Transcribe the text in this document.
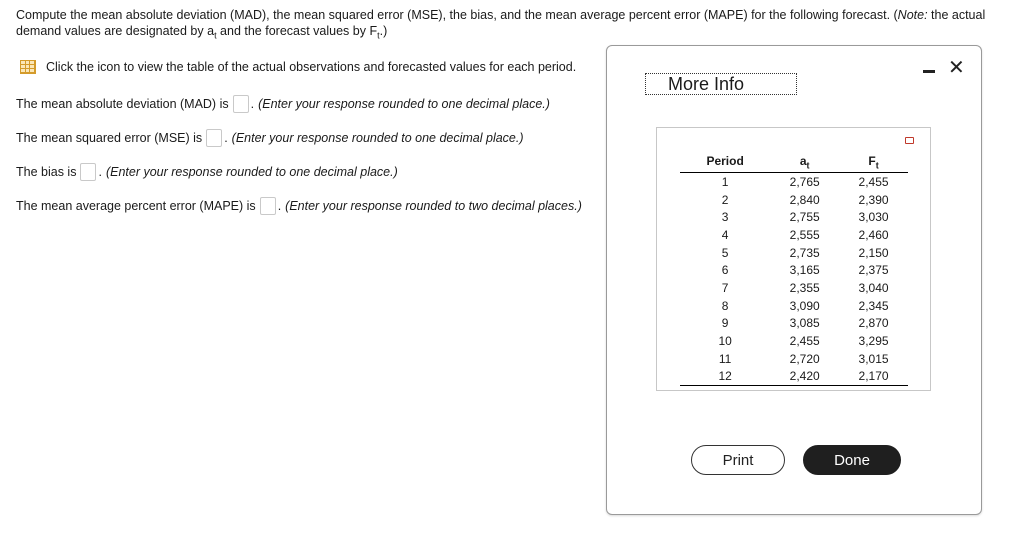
Compute the mean absolute deviation (MAD), the mean squared error (MSE), the bias, and the mean average percent error (MAPE) for the following forecast. (Note: the actual demand values are designated by $a_t$ and the forecast values by $F_t$.)
Click the icon to view the table of the actual observations and forecasted values for each period.
The mean absolute deviation (MAD) is . (Enter your response rounded to one decimal place.)
The mean squared error (MSE) is . (Enter your response rounded to one decimal place.)
The bias is . (Enter your response rounded to one decimal place.)
The mean average percent error (MAPE) is . (Enter your response rounded to two decimal places.)
✕
More Info
Period	$a_t$	$F_t$
1	2,765	2,455
2	2,840	2,390
3	2,755	3,030
4	2,555	2,460
5	2,735	2,150
6	3,165	2,375
7	2,355	3,040
8	3,090	2,345
9	3,085	2,870
10	2,455	3,295
11	2,720	3,015
12	2,420	2,170
Print	Done
